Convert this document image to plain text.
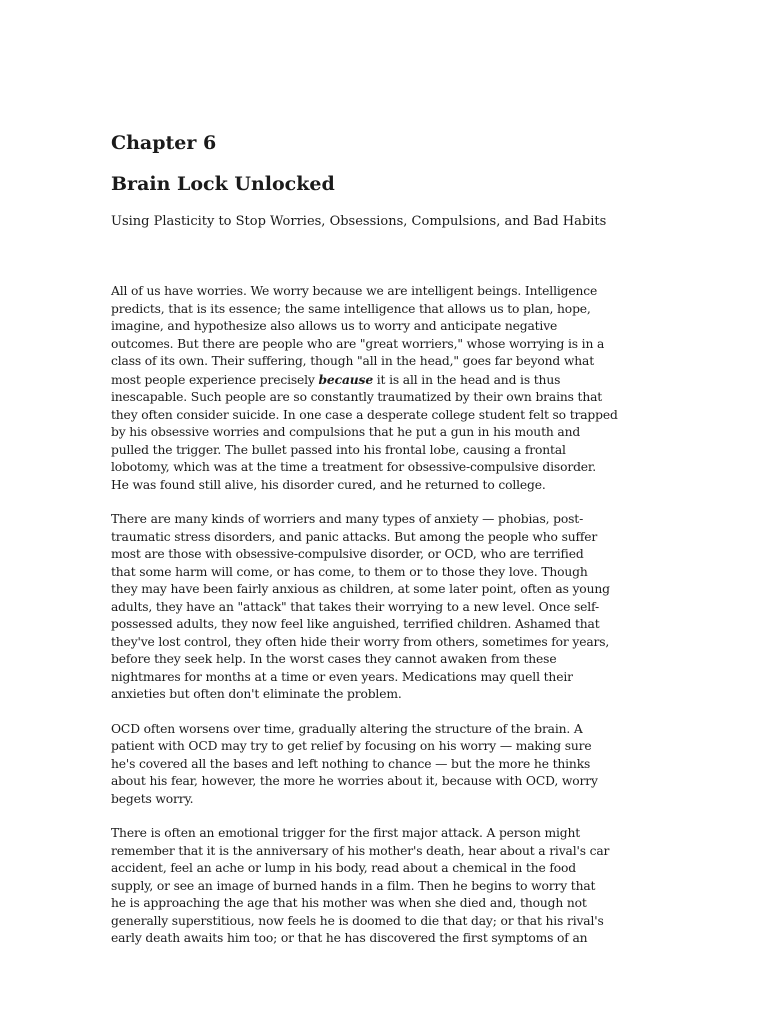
Chapter 6
Brain Lock Unlocked

Using Plasticity to Stop Worries, Obsessions, Compulsions, and Bad Habits

All of us have worries. We worry because we are intelligent beings. Intelligence
predicts, that is its essence; the same intelligence that allows us to plan, hope,
imagine, and hypothesize also allows us to worry and anticipate negative
outcomes. But there are people who are "great worriers," whose worrying is in a
class of its own. Their suffering, though "all in the head," goes far beyond what
most people experience precisely because it is all in the head and is thus
inescapable. Such people are so constantly traumatized by their own brains that
they often consider suicide. In one case a desperate college student felt so trapped
by his obsessive worries and compulsions that he put a gun in his mouth and
pulled the trigger. The bullet passed into his frontal lobe, causing a frontal
lobotomy, which was at the time a treatment for obsessive-compulsive disorder.
He was found still alive, his disorder cured, and he returned to college.

There are many kinds of worriers and many types of anxiety — phobias, post-
traumatic stress disorders, and panic attacks. But among the people who suffer
most are those with obsessive-compulsive disorder, or OCD, who are terrified
that some harm will come, or has come, to them or to those they love. Though
they may have been fairly anxious as children, at some later point, often as young
adults, they have an "attack" that takes their worrying to a new level. Once self-
possessed adults, they now feel like anguished, terrified children. Ashamed that
they've lost control, they often hide their worry from others, sometimes for years,
before they seek help. In the worst cases they cannot awaken from these
nightmares for months at a time or even years. Medications may quell their
anxieties but often don't eliminate the problem.

OCD often worsens over time, gradually altering the structure of the brain. A
patient with OCD may try to get relief by focusing on his worry — making sure
he's covered all the bases and left nothing to chance — but the more he thinks
about his fear, however, the more he worries about it, because with OCD, worry
begets worry.

There is often an emotional trigger for the first major attack. A person might
remember that it is the anniversary of his mother's death, hear about a rival's car
accident, feel an ache or lump in his body, read about a chemical in the food
supply, or see an image of burned hands in a film. Then he begins to worry that
he is approaching the age that his mother was when she died and, though not
generally superstitious, now feels he is doomed to die that day; or that his rival's
early death awaits him too; or that he has discovered the first symptoms of an
